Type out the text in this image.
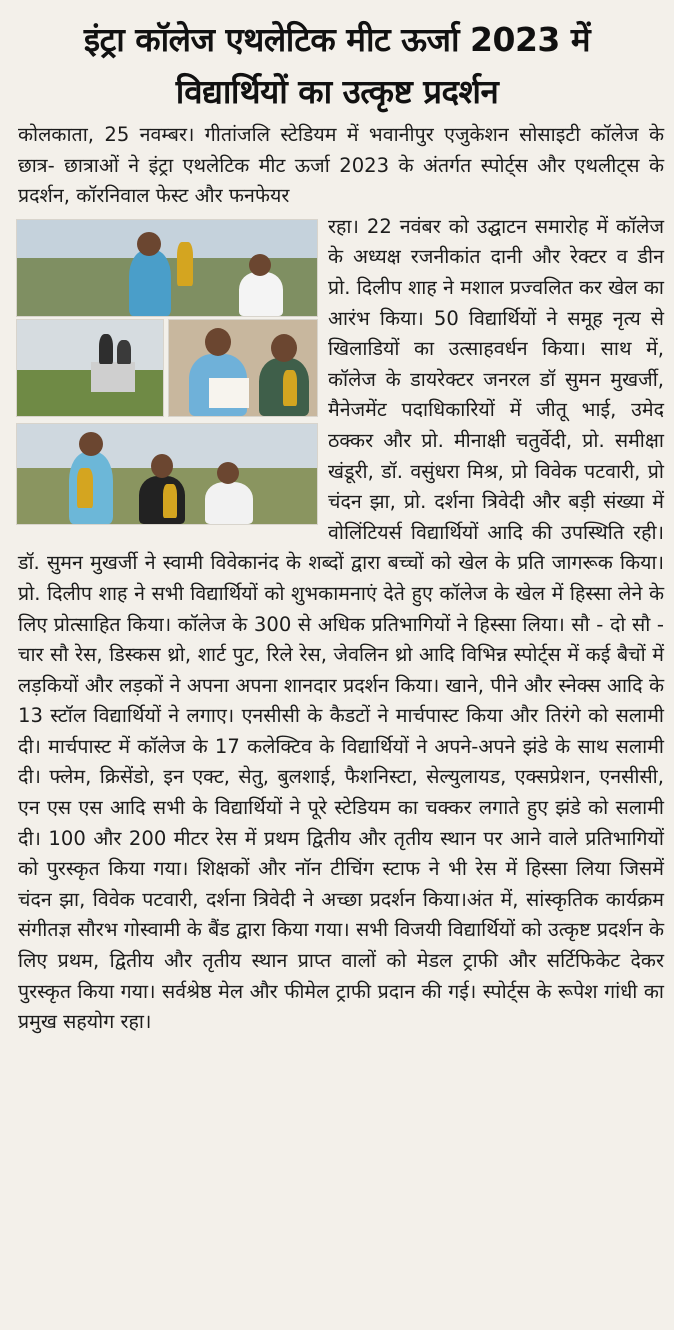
इंट्रा कॉलेज एथलेटिक मीट ऊर्जा 2023 में
विद्यार्थियों का उत्कृष्ट प्रदर्शन

कोलकाता, 25 नवम्बर। गीतांजलि स्टेडियम में भवानीपुर एजुकेशन सोसाइटी कॉलेज के छात्र- छात्राओं ने इंट्रा एथलेटिक मीट ऊर्जा 2023 के अंतर्गत स्पोर्ट्स और एथलीट्स के प्रदर्शन, कॉरनिवाल फेस्ट और फनफेयर

रहा। 22 नवंबर को उद्घाटन समारोह में कॉलेज के अध्यक्ष रजनीकांत दानी और रेक्टर व डीन प्रो. दिलीप शाह ने मशाल प्रज्वलित कर खेल का आरंभ किया। 50 विद्यार्थियों ने समूह नृत्य से खिलाडियों का उत्साहवर्धन किया। साथ में, कॉलेज के डायरेक्टर जनरल डॉ सुमन मुखर्जी, मैनेजमेंट पदाधिकारियों में जीतू भाई, उमेद ठक्कर और प्रो. मीनाक्षी चतुर्वेदी, प्रो. समीक्षा खंडूरी, डॉ. वसुंधरा मिश्र, प्रो विवेक पटवारी, प्रो चंदन झा, प्रो. दर्शना त्रिवेदी और बड़ी संख्या में वोलिंटियर्स विद्यार्थियों आदि की उपस्थिति रही। डॉ. सुमन मुखर्जी ने स्वामी विवेकानंद के शब्दों द्वारा बच्चों को खेल के प्रति जागरूक किया। प्रो. दिलीप शाह ने सभी विद्यार्थियों को शुभकामनाएं देते हुए कॉलेज के खेल में हिस्सा लेने के लिए प्रोत्साहित किया। कॉलेज के 300 से अधिक प्रतिभागियों ने हिस्सा लिया। सौ - दो सौ - चार सौ रेस, डिस्कस थ्रो, शार्ट पुट, रिले रेस, जेवलिन थ्रो आदि विभिन्न स्पोर्ट्स में कई बैचों में लड़कियों और लड़कों ने अपना अपना शानदार प्रदर्शन किया। खाने, पीने और स्नेक्स आदि के 13 स्टॉल विद्यार्थियों ने लगाए। एनसीसी के कैडटों ने मार्चपास्ट किया और तिरंगे को सलामी दी। मार्चपास्ट में कॉलेज के 17 कलेक्टिव के विद्यार्थियों ने अपने-अपने झंडे के साथ सलामी दी। फ्लेम, क्रिसेंडो, इन एक्ट, सेतु, बुलशाई, फैशनिस्टा, सेल्युलायड, एक्सप्रेशन, एनसीसी, एन एस एस आदि सभी के विद्यार्थियों ने पूरे स्टेडियम का चक्कर लगाते हुए झंडे को सलामी दी। 100 और 200 मीटर रेस में प्रथम द्वितीय और तृतीय स्थान पर आने वाले प्रतिभागियों को पुरस्कृत किया गया। शिक्षकों और नॉन टीचिंग स्टाफ ने भी रेस में हिस्सा लिया जिसमें चंदन झा, विवेक पटवारी, दर्शना त्रिवेदी ने अच्छा प्रदर्शन किया।अंत में, सांस्कृतिक कार्यक्रम संगीतज्ञ सौरभ गोस्वामी के बैंड द्वारा किया गया। सभी विजयी विद्यार्थियों को उत्कृष्ट प्रदर्शन के लिए प्रथम, द्वितीय और तृतीय स्थान प्राप्त वालों को मेडल ट्राफी और सर्टिफिकेट देकर पुरस्कृत किया गया। सर्वश्रेष्ठ मेल और फीमेल ट्राफी प्रदान की गई। स्पोर्ट्स के रूपेश गांधी का प्रमुख सहयोग रहा।
